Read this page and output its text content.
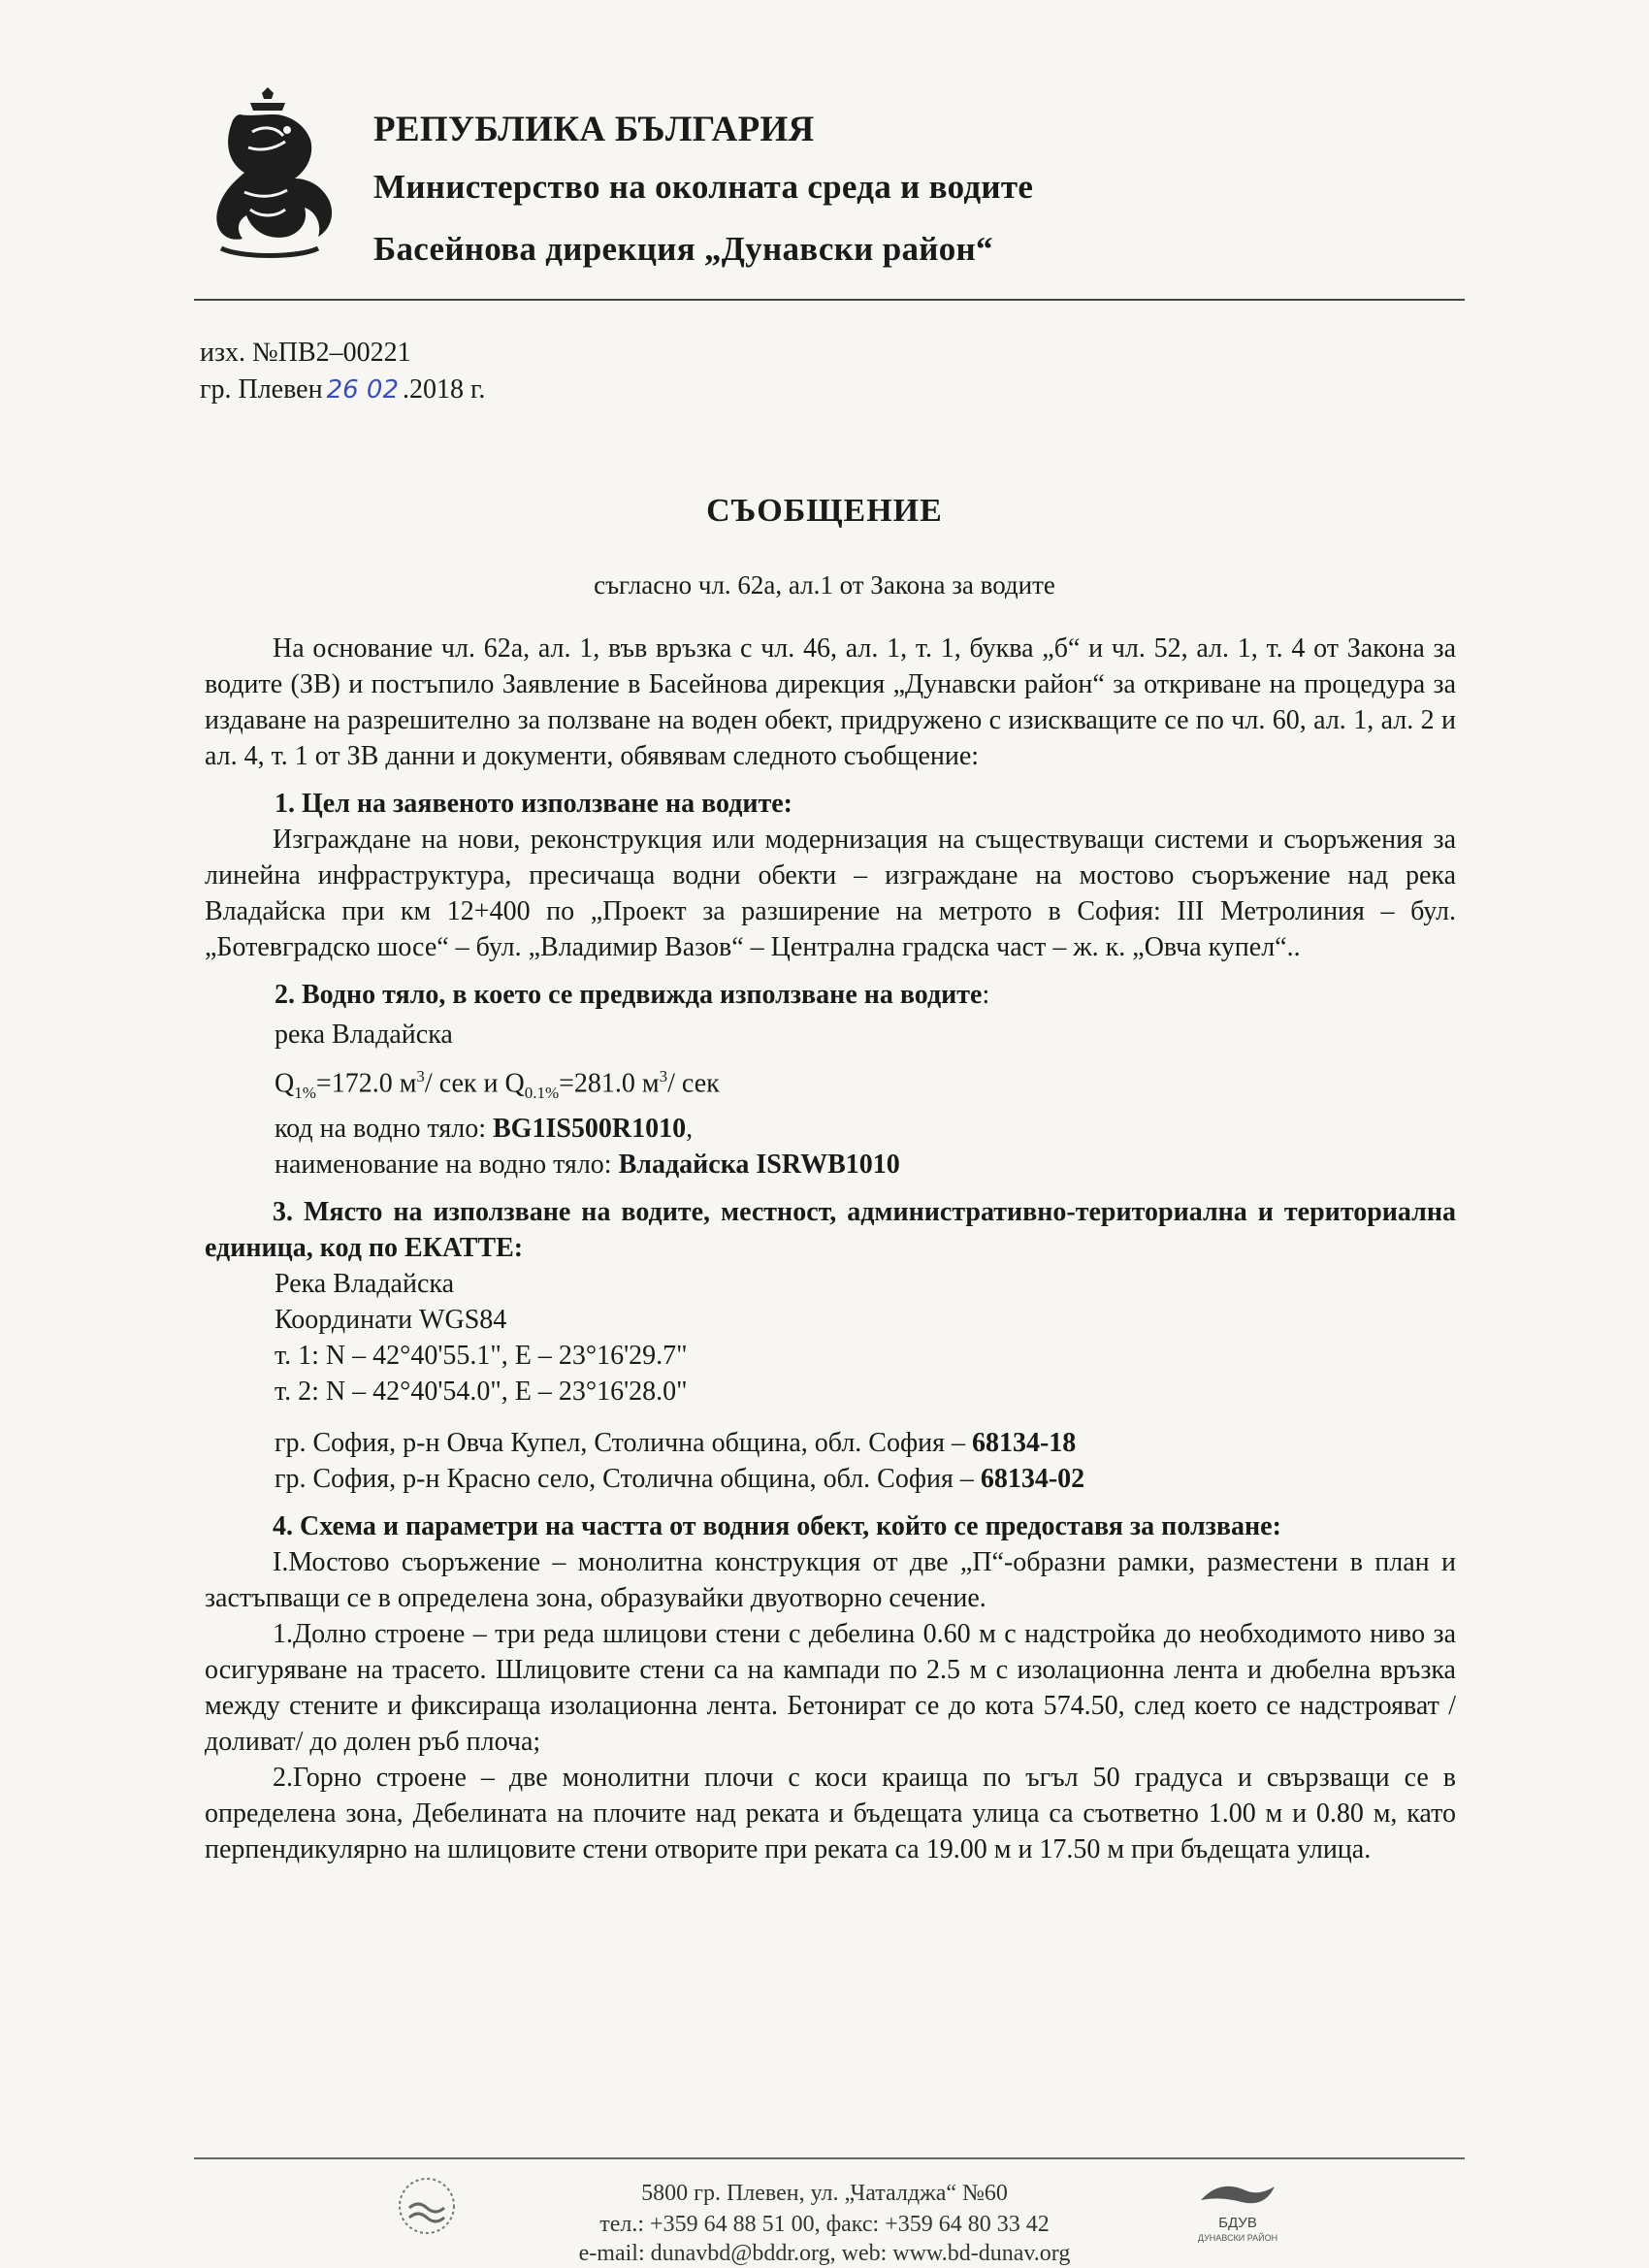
РЕПУБЛИКА БЪЛГАРИЯ
Министерство на околната среда и водите
Басейнова дирекция „Дунавски район“
изх. №ПВ2–00221
гр. Плевен 26 02 .2018 г.
СЪОБЩЕНИЕ
съгласно чл. 62а, ал.1 от Закона за водите

На основание чл. 62а, ал. 1, във връзка с чл. 46, ал. 1, т. 1, буква „б“ и чл. 52, ал. 1, т. 4 от Закона за водите (ЗВ) и постъпило Заявление в Басейнова дирекция „Дунавски район“ за откриване на процедура за издаване на разрешително за ползване на воден обект, придружено с изискващите се по чл. 60, ал. 1, ал. 2 и ал. 4, т. 1 от ЗВ данни и документи, обявявам следното съобщение:

1. Цел на заявеното използване на водите:

Изграждане на нови, реконструкция или модернизация на съществуващи системи и съоръжения за линейна инфраструктура, пресичаща водни обекти – изграждане на мостово съоръжение над река Владайска при км 12+400 по „Проект за разширение на метрото в София: III Метролиния – бул. „Ботевградско шосе“ – бул. „Владимир Вазов“ – Централна градска част – ж. к. „Овча купел“..

2. Водно тяло, в което се предвижда използване на водите:

река Владайска

$Q_{1\%}=172.0$ $м^3/$ сек и $Q_{0.1\%}=281.0$ $м^3/$ сек

код на водно тяло: BG1IS500R1010,

наименование на водно тяло: Владайска ISRWB1010

3. Място на използване на водите, местност, административно-териториална и териториална единица, код по ЕКАТТЕ:

Река Владайска

Координати WGS84

т. 1: N – 42°40'55.1", E – 23°16'29.7"

т. 2: N – 42°40'54.0", E – 23°16'28.0"

гр. София, р-н Овча Купел, Столична община, обл. София – 68134-18

гр. София, р-н Красно село, Столична община, обл. София – 68134-02

4. Схема и параметри на частта от водния обект, който се предоставя за ползване:

I.Мостово съоръжение – монолитна конструкция от две „П“-образни рамки, разместени в план и застъпващи се в определена зона, образувайки двуотворно сечение.

1.Долно строене – три реда шлицови стени с дебелина 0.60 м с надстройка до необходимото ниво за осигуряване на трасето. Шлицовите стени са на кампади по 2.5 м с изолационна лента и дюбелна връзка между стените и фиксираща изолационна лента. Бетонират се до кота 574.50, след което се надстрояват /доливат/ до долен ръб плоча;

2.Горно строене – две монолитни плочи с коси краища по ъгъл 50 градуса и свързващи се в определена зона, Дебелината на плочите над реката и бъдещата улица са съответно 1.00 м и 0.80 м, като перпендикулярно на шлицовите стени отворите при реката са 19.00 м и 17.50 м при бъдещата улица.

5800 гр. Плевен, ул. „Чаталджа“ №60
тел.: +359 64 88 51 00, факс: +359 64 80 33 42
e-mail: dunavbd@bddr.org, web: www.bd-dunav.org
БДУВ
ДУНАВСКИ РАЙОН
